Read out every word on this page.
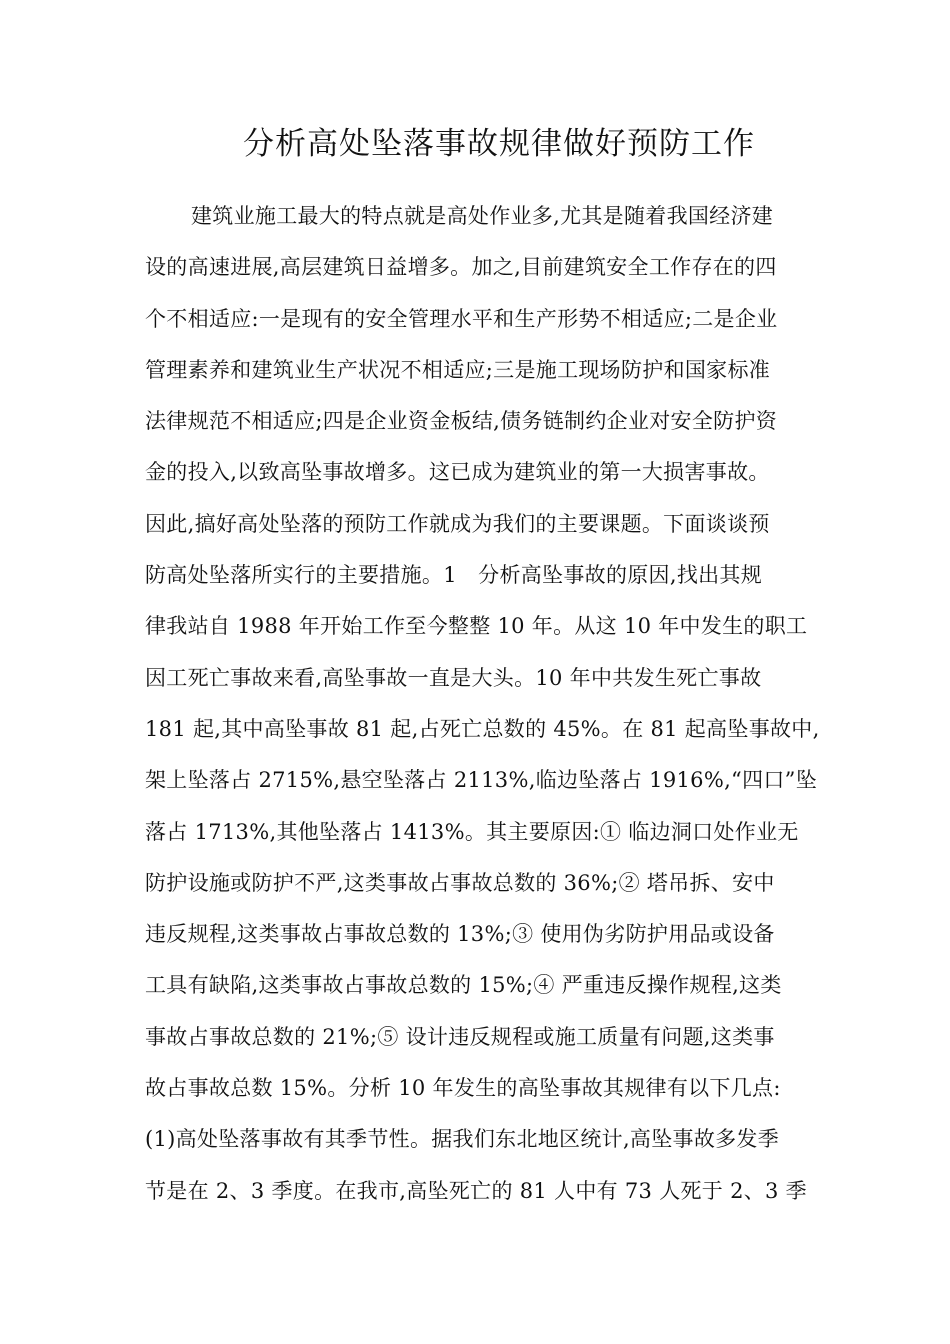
分析高处坠落事故规律做好预防工作
建筑业施工最大的特点就是高处作业多,尤其是随着我国经济建
设的高速进展,高层建筑日益增多。加之,目前建筑安全工作存在的四
个不相适应:一是现有的安全管理水平和生产形势不相适应;二是企业
管理素养和建筑业生产状况不相适应;三是施工现场防护和国家标准
法律规范不相适应;四是企业资金板结,债务链制约企业对安全防护资
金的投入,以致高坠事故增多。这已成为建筑业的第一大损害事故。
因此,搞好高处坠落的预防工作就成为我们的主要课题。下面谈谈预
防高处坠落所实行的主要措施。1　分析高坠事故的原因,找出其规
律我站自 1988 年开始工作至今整整 10 年。从这 10 年中发生的职工
因工死亡事故来看,高坠事故一直是大头。10 年中共发生死亡事故
181 起,其中高坠事故 81 起,占死亡总数的 45%。在 81 起高坠事故中,
架上坠落占 2715%,悬空坠落占 2113%,临边坠落占 1916%,“四口”坠
落占 1713%,其他坠落占 1413%。其主要原因:① 临边洞口处作业无
防护设施或防护不严,这类事故占事故总数的 36%;② 塔吊拆、安中
违反规程,这类事故占事故总数的 13%;③ 使用伪劣防护用品或设备
工具有缺陷,这类事故占事故总数的 15%;④ 严重违反操作规程,这类
事故占事故总数的 21%;⑤ 设计违反规程或施工质量有问题,这类事
故占事故总数 15%。分析 10 年发生的高坠事故其规律有以下几点:
(1)高处坠落事故有其季节性。据我们东北地区统计,高坠事故多发季
节是在 2、3 季度。在我市,高坠死亡的 81 人中有 73 人死于 2、3 季
